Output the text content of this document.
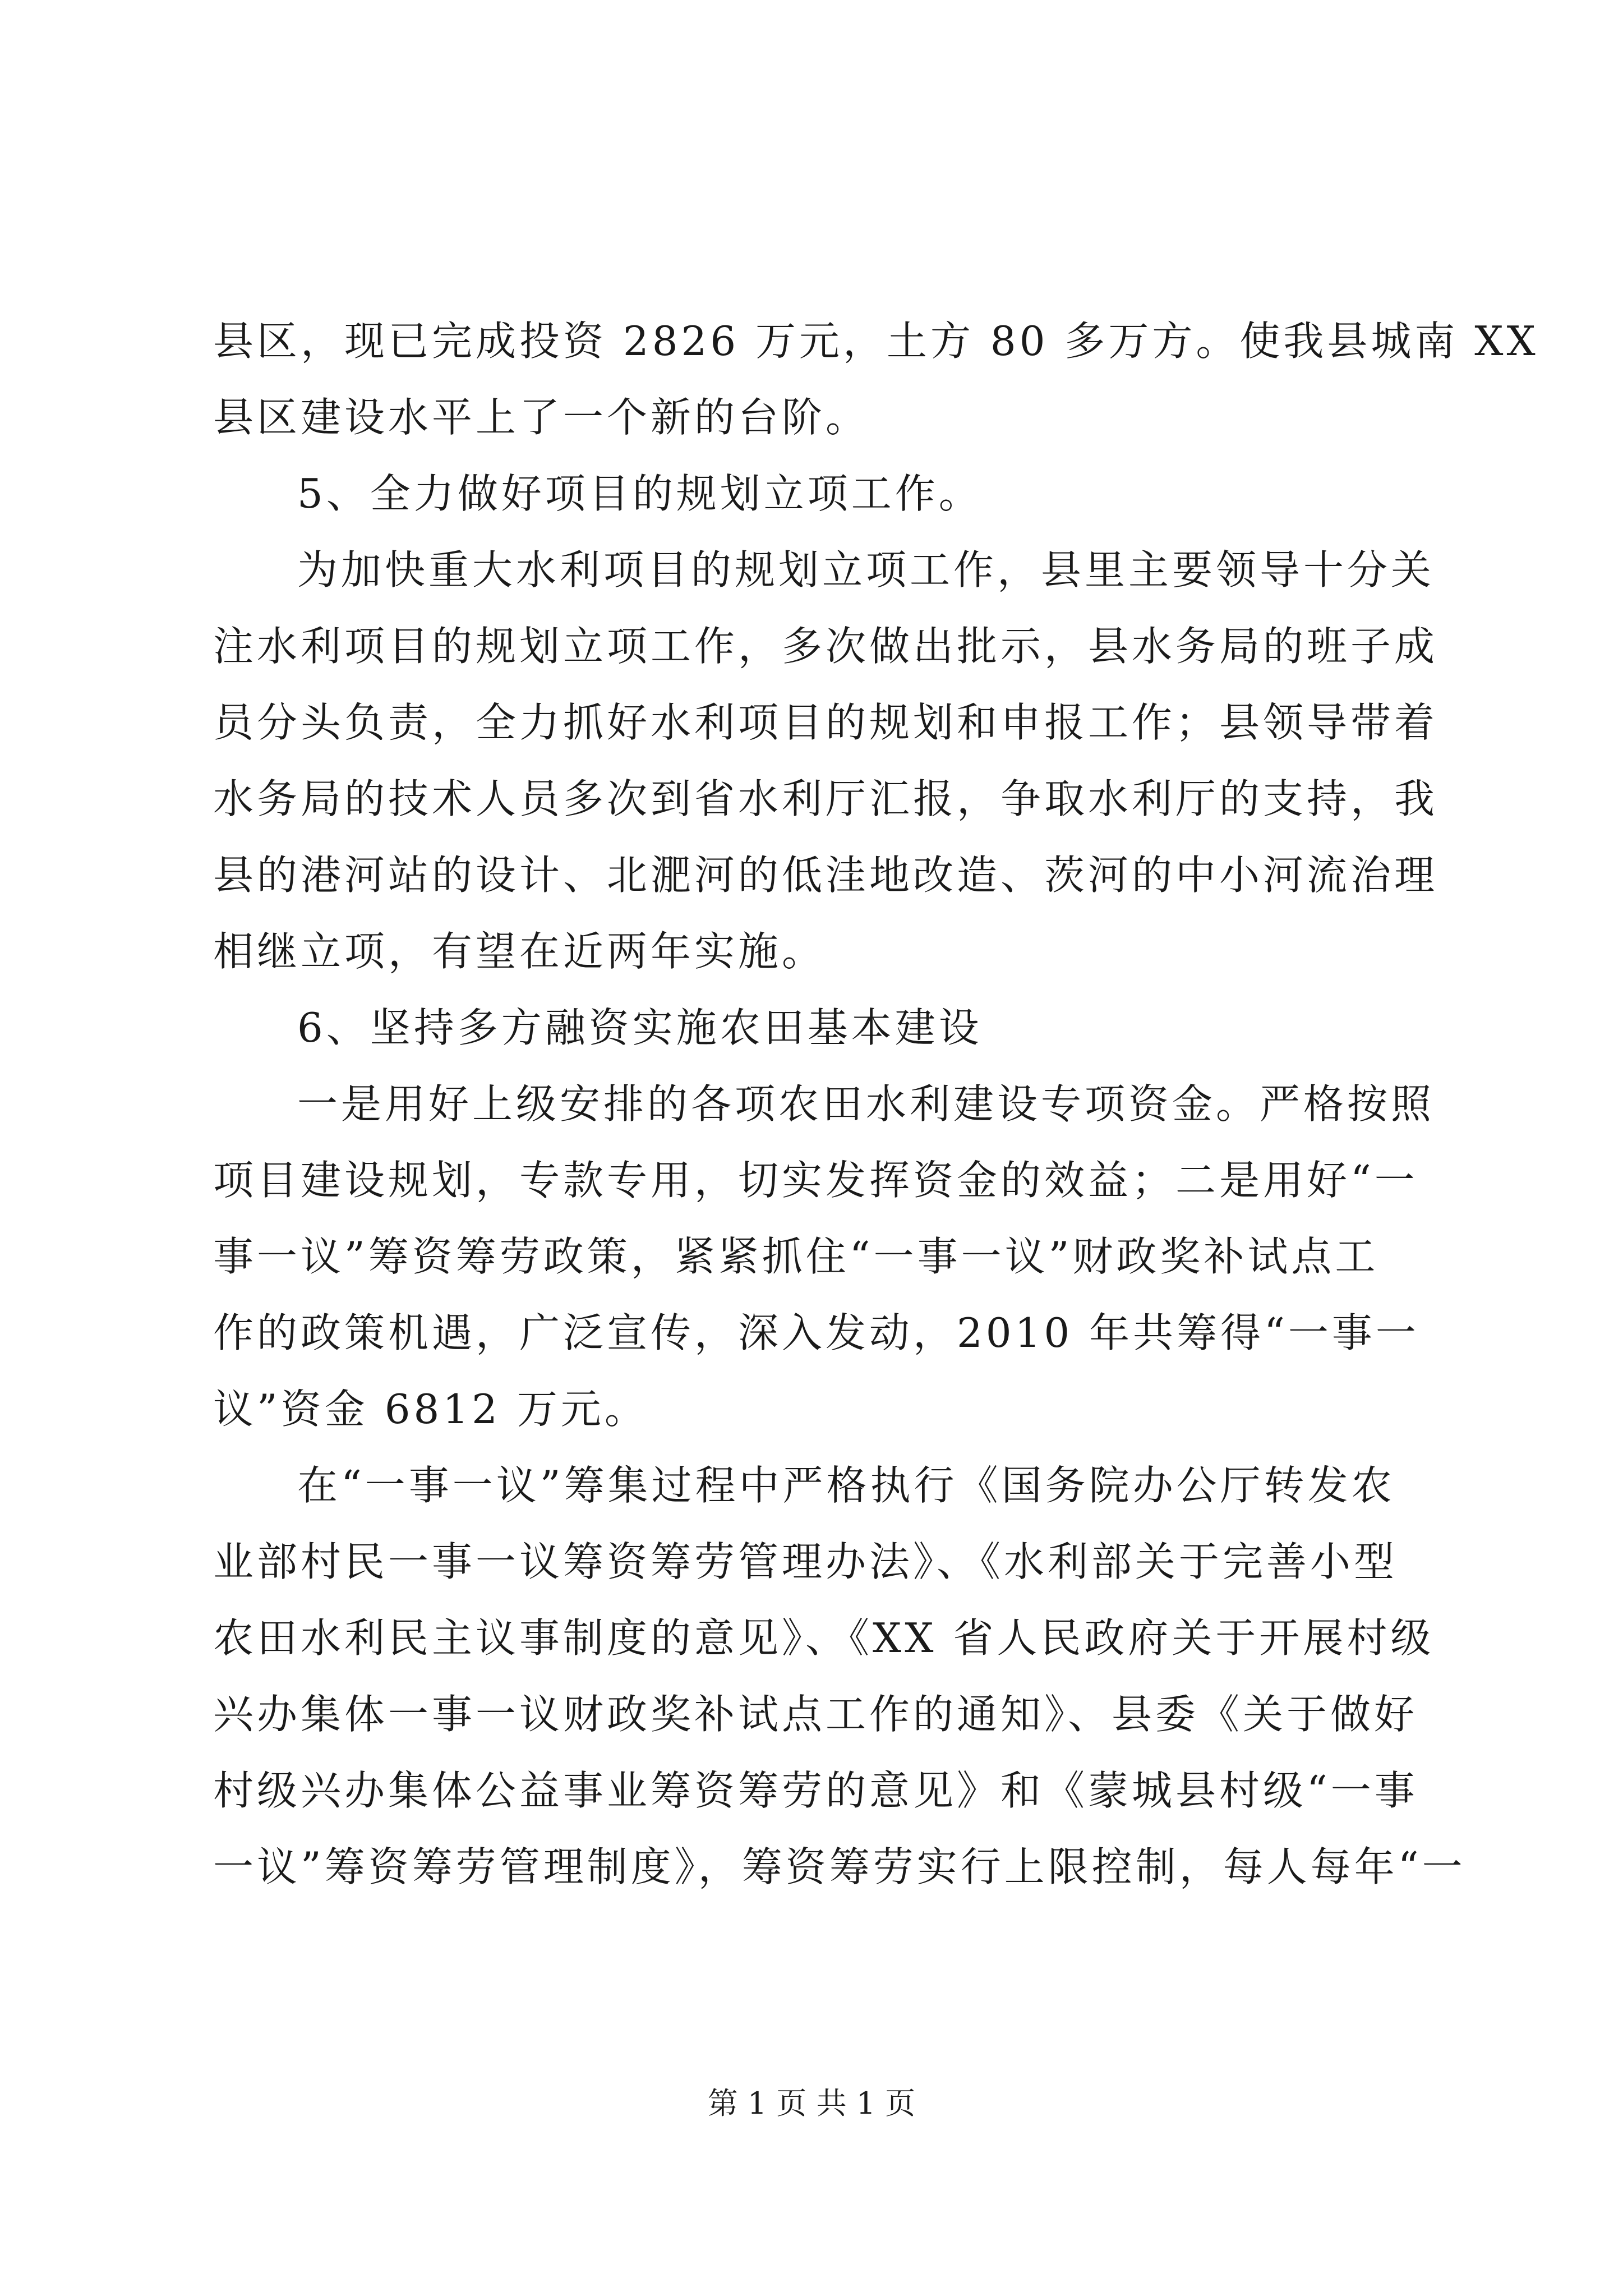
县区，现已完成投资 2826 万元，土方 80 多万方。使我县城南 XX
县区建设水平上了一个新的台阶。
5、全力做好项目的规划立项工作。
为加快重大水利项目的规划立项工作，县里主要领导十分关
注水利项目的规划立项工作，多次做出批示，县水务局的班子成
员分头负责，全力抓好水利项目的规划和申报工作；县领导带着
水务局的技术人员多次到省水利厅汇报，争取水利厅的支持，我
县的港河站的设计、北淝河的低洼地改造、茨河的中小河流治理
相继立项，有望在近两年实施。
6、坚持多方融资实施农田基本建设
一是用好上级安排的各项农田水利建设专项资金。严格按照
项目建设规划，专款专用，切实发挥资金的效益；二是用好“一
事一议”筹资筹劳政策，紧紧抓住“一事一议”财政奖补试点工
作的政策机遇，广泛宣传，深入发动，2010 年共筹得“一事一
议”资金 6812 万元。
在“一事一议”筹集过程中严格执行《国务院办公厅转发农
业部村民一事一议筹资筹劳管理办法》、《水利部关于完善小型
农田水利民主议事制度的意见》、《XX 省人民政府关于开展村级
兴办集体一事一议财政奖补试点工作的通知》、县委《关于做好
村级兴办集体公益事业筹资筹劳的意见》和《蒙城县村级“一事
一议”筹资筹劳管理制度》，筹资筹劳实行上限控制，每人每年“一
第 1 页 共 1 页
